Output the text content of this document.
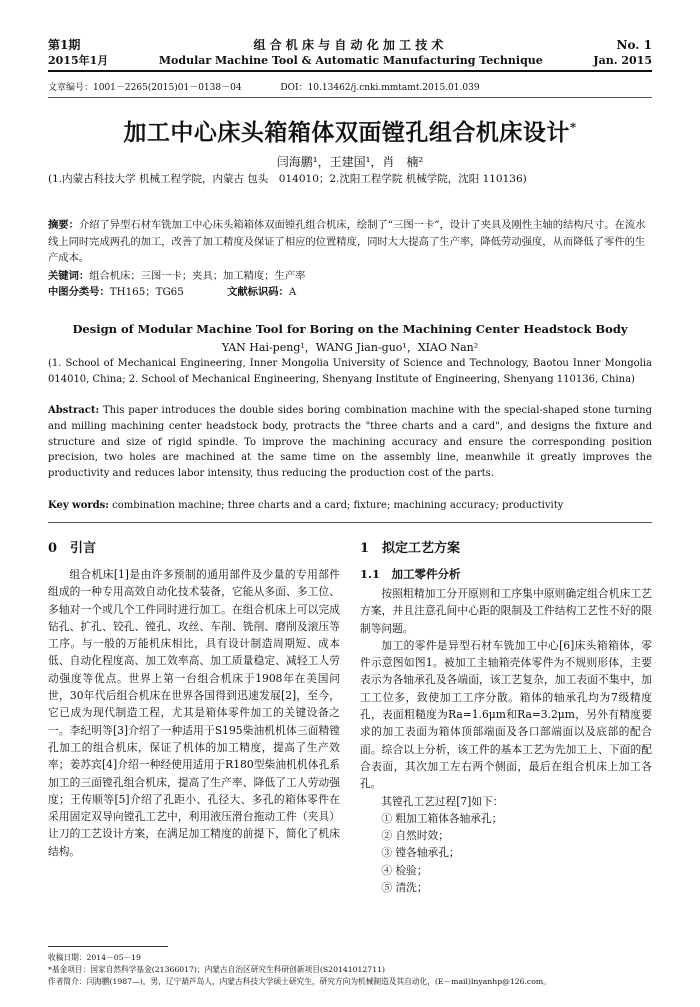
第1期	组 合 机 床 与 自 动 化 加 工 技 术	No. 1
2015年1月	Modular Machine Tool & Automatic Manufacturing Technique	Jan. 2015
文章编号：1001－2265(2015)01－0138－04	DOI：10.13462/j.cnki.mmtamt.2015.01.039
加工中心床头箱箱体双面镗孔组合机床设计*
闫海鹏¹，王建国¹，肖　楠²
(1.内蒙古科技大学 机械工程学院，内蒙古 包头　014010；2.沈阳工程学院 机械学院，沈阳 110136)
摘要：介绍了异型石材车铣加工中心床头箱箱体双面镗孔组合机床，绘制了“三图一卡”，设计了夹具及刚性主轴的结构尺寸。在流水线上同时完成两孔的加工，改善了加工精度及保证了相应的位置精度，同时大大提高了生产率，降低劳动强度，从而降低了零件的生产成本。
关键词：组合机床；三图一卡；夹具；加工精度；生产率
中图分类号：TH165；TG65	文献标识码：A
Design of Modular Machine Tool for Boring on the Machining Center Headstock Body
YAN Hai-peng¹，WANG Jian-guo¹，XIAO Nan²
(1. School of Mechanical Engineering, Inner Mongolia University of Science and Technology, Baotou Inner Mongolia 014010, China; 2. School of Mechanical Engineering, Shenyang Institute of Engineering, Shenyang 110136, China)
Abstract: This paper introduces the double sides boring combination machine with the special-shaped stone turning and milling machining center headstock body, protracts the "three charts and a card", and designs the fixture and structure and size of rigid spindle. To improve the machining accuracy and ensure the corresponding position precision, two holes are machined at the same time on the assembly line, meanwhile it greatly improves the productivity and reduces labor intensity, thus reducing the production cost of the parts.
Key words: combination machine; three charts and a card; fixture; machining accuracy; productivity
0　引言

组合机床[1]是由许多预制的通用部件及少量的专用部件组成的一种专用高效自动化技术装备，它能从多面、多工位、多轴对一个或几个工件同时进行加工。在组合机床上可以完成钻孔、扩孔、铰孔、镗孔、攻丝、车削、铣削、磨削及滚压等工序。与一般的万能机床相比，具有设计制造周期短、成本低、自动化程度高、加工效率高、加工质量稳定、减轻工人劳动强度等优点。世界上第一台组合机床于1908年在美国问世，30年代后组合机床在世界各国得到迅速发展[2]，至今，它已成为现代制造工程，尤其是箱体零件加工的关键设备之一。李纪明等[3]介绍了一种适用于S195柴油机机体三面精镗孔加工的组合机床，保证了机体的加工精度，提高了生产效率；姜苏宾[4]介绍一种经使用适用于R180型柴油机机体孔系加工的三面镗孔组合机床，提高了生产率、降低了工人劳动强度；王传顺等[5]介绍了孔距小、孔径大、多孔的箱体零件在采用固定双导向镗孔工艺中，利用液压滑台拖动工件（夹具）让刀的工艺设计方案，在满足加工精度的前提下，简化了机床结构。

1　拟定工艺方案
1.1　加工零件分析

按照粗精加工分开原则和工序集中原则确定组合机床工艺方案，并且注意孔间中心距的限制及工件结构工艺性不好的限制等问题。

加工的零件是异型石材车铣加工中心[6]床头箱箱体，零件示意图如图1。被加工主轴箱壳体零件为不规则形体，主要表示为各轴承孔及各端面，该工艺复杂，加工表面不集中，加工工位多，致使加工工序分散。箱体的轴承孔均为7级精度孔，表面粗糙度为Ra=1.6μm和Ra=3.2μm，另外有精度要求的加工表面为箱体顶部端面及各口部端面以及底部的配合面。综合以上分析，该工件的基本工艺为先加工上、下面的配合表面，其次加工左右两个侧面，最后在组合机床上加工各孔。

其镗孔工艺过程[7]如下：

① 粗加工箱体各轴承孔；
② 自然时效；
③ 镗各轴承孔；
④ 检验；
⑤ 清洗；
收稿日期：2014－05－19
*基金项目：国家自然科学基金(21366017)；内蒙古自治区研究生科研创新项目(S20141012711)
作者简介：闫海鹏(1987—)，男，辽宁葫芦岛人，内蒙古科技大学硕士研究生，研究方向为机械制造及其自动化，(E－mail)lnyanhp@126.com。
